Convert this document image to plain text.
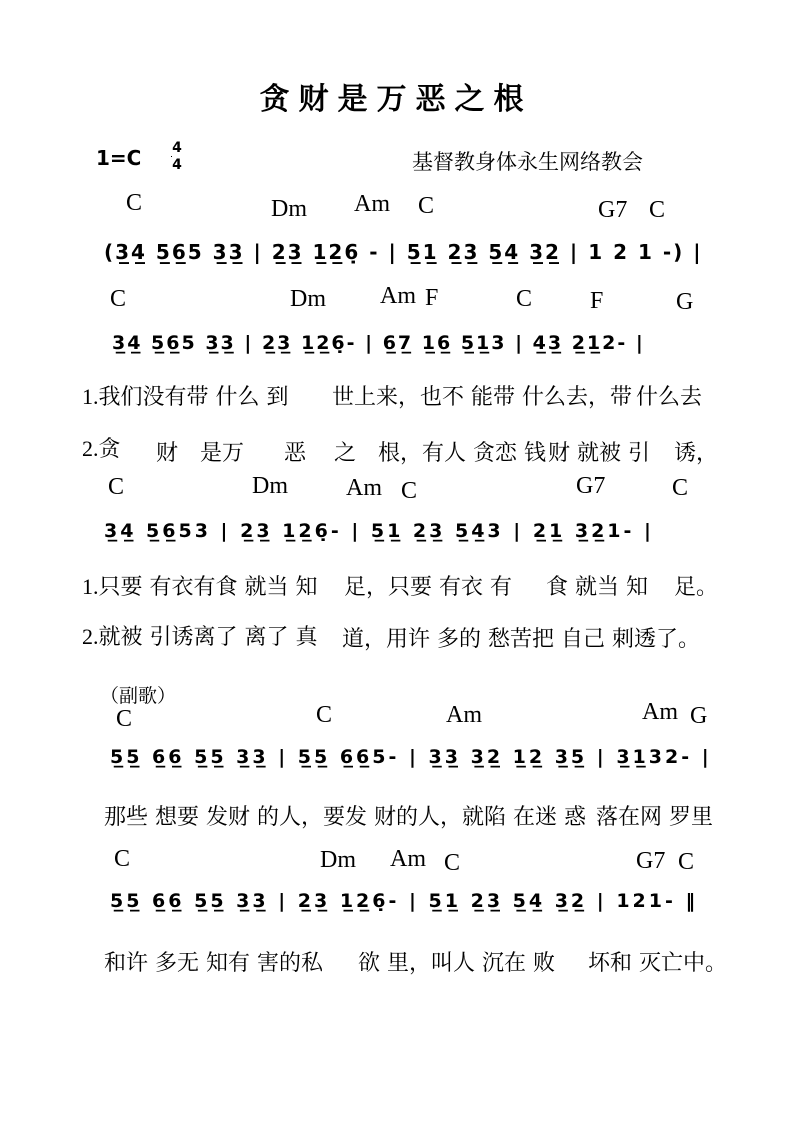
贪财是万恶之根
1=C 4
4	基督教身体永生网络教会
C	Dm Am C	G7 C
(3̲4̲ 5̲6̲5 3̲3̲ | 2̲3̲ 1̲2̲6̣ - | 5̲1̲ 2̲3̲ 5̲4̲ 3̲2̲ | 1 2 1 -) |
C	Dm Am F	C F	G
3̲4̲ 5̲6̲5 3̲3̲ | 2̲3̲ 1̲2̲6̣- | 6̲7̲ 1̲6̲ 5̲1̲3 | 4̲3̲ 2̲1̲2- |
1.我们没有带 什么 到 世上来，也不 能带 什么去，带 什么去
2.贪 财 是万 恶 之 根，有人 贪恋 钱 财 就被 引 诱，
C	Dm Am C	G7	C
3̲4̲ 5̲6̲53 | 2̲3̲ 1̲2̲6̣- | 5̲1̲ 2̲3̲ 5̲4̲3 | 2̲1̲ 3̲2̲1- |
1.只要 有衣有食 就当 知 足，只要 有衣 有 食 就当 知 足。
2.就被 引诱离了 离了 真 道，用许 多的 愁苦把 自己 刺透了。
（副歌）
C	C	Am	Am G
5̲5̲ 6̲6̲ 5̲5̲ 3̲3̲ | 5̲5̲ 6̲6̲5- | 3̲3̲ 3̲2̲ 1̲2̲ 3̲5̲ | 3̲1̲32- |
那些 想要 发财 的人，要发 财的人，就陷 在迷 惑 落在网 罗里
C	Dm Am C	G7 C
5̲5̲ 6̲6̲ 5̲5̲ 3̲3̲ | 2̲3̲ 1̲2̲6̣- | 5̲1̲ 2̲3̲ 5̲4̲ 3̲2̲ | 121- ‖
和许 多无 知有 害的私 欲 里，叫人 沉在 败 坏和 灭亡中。
